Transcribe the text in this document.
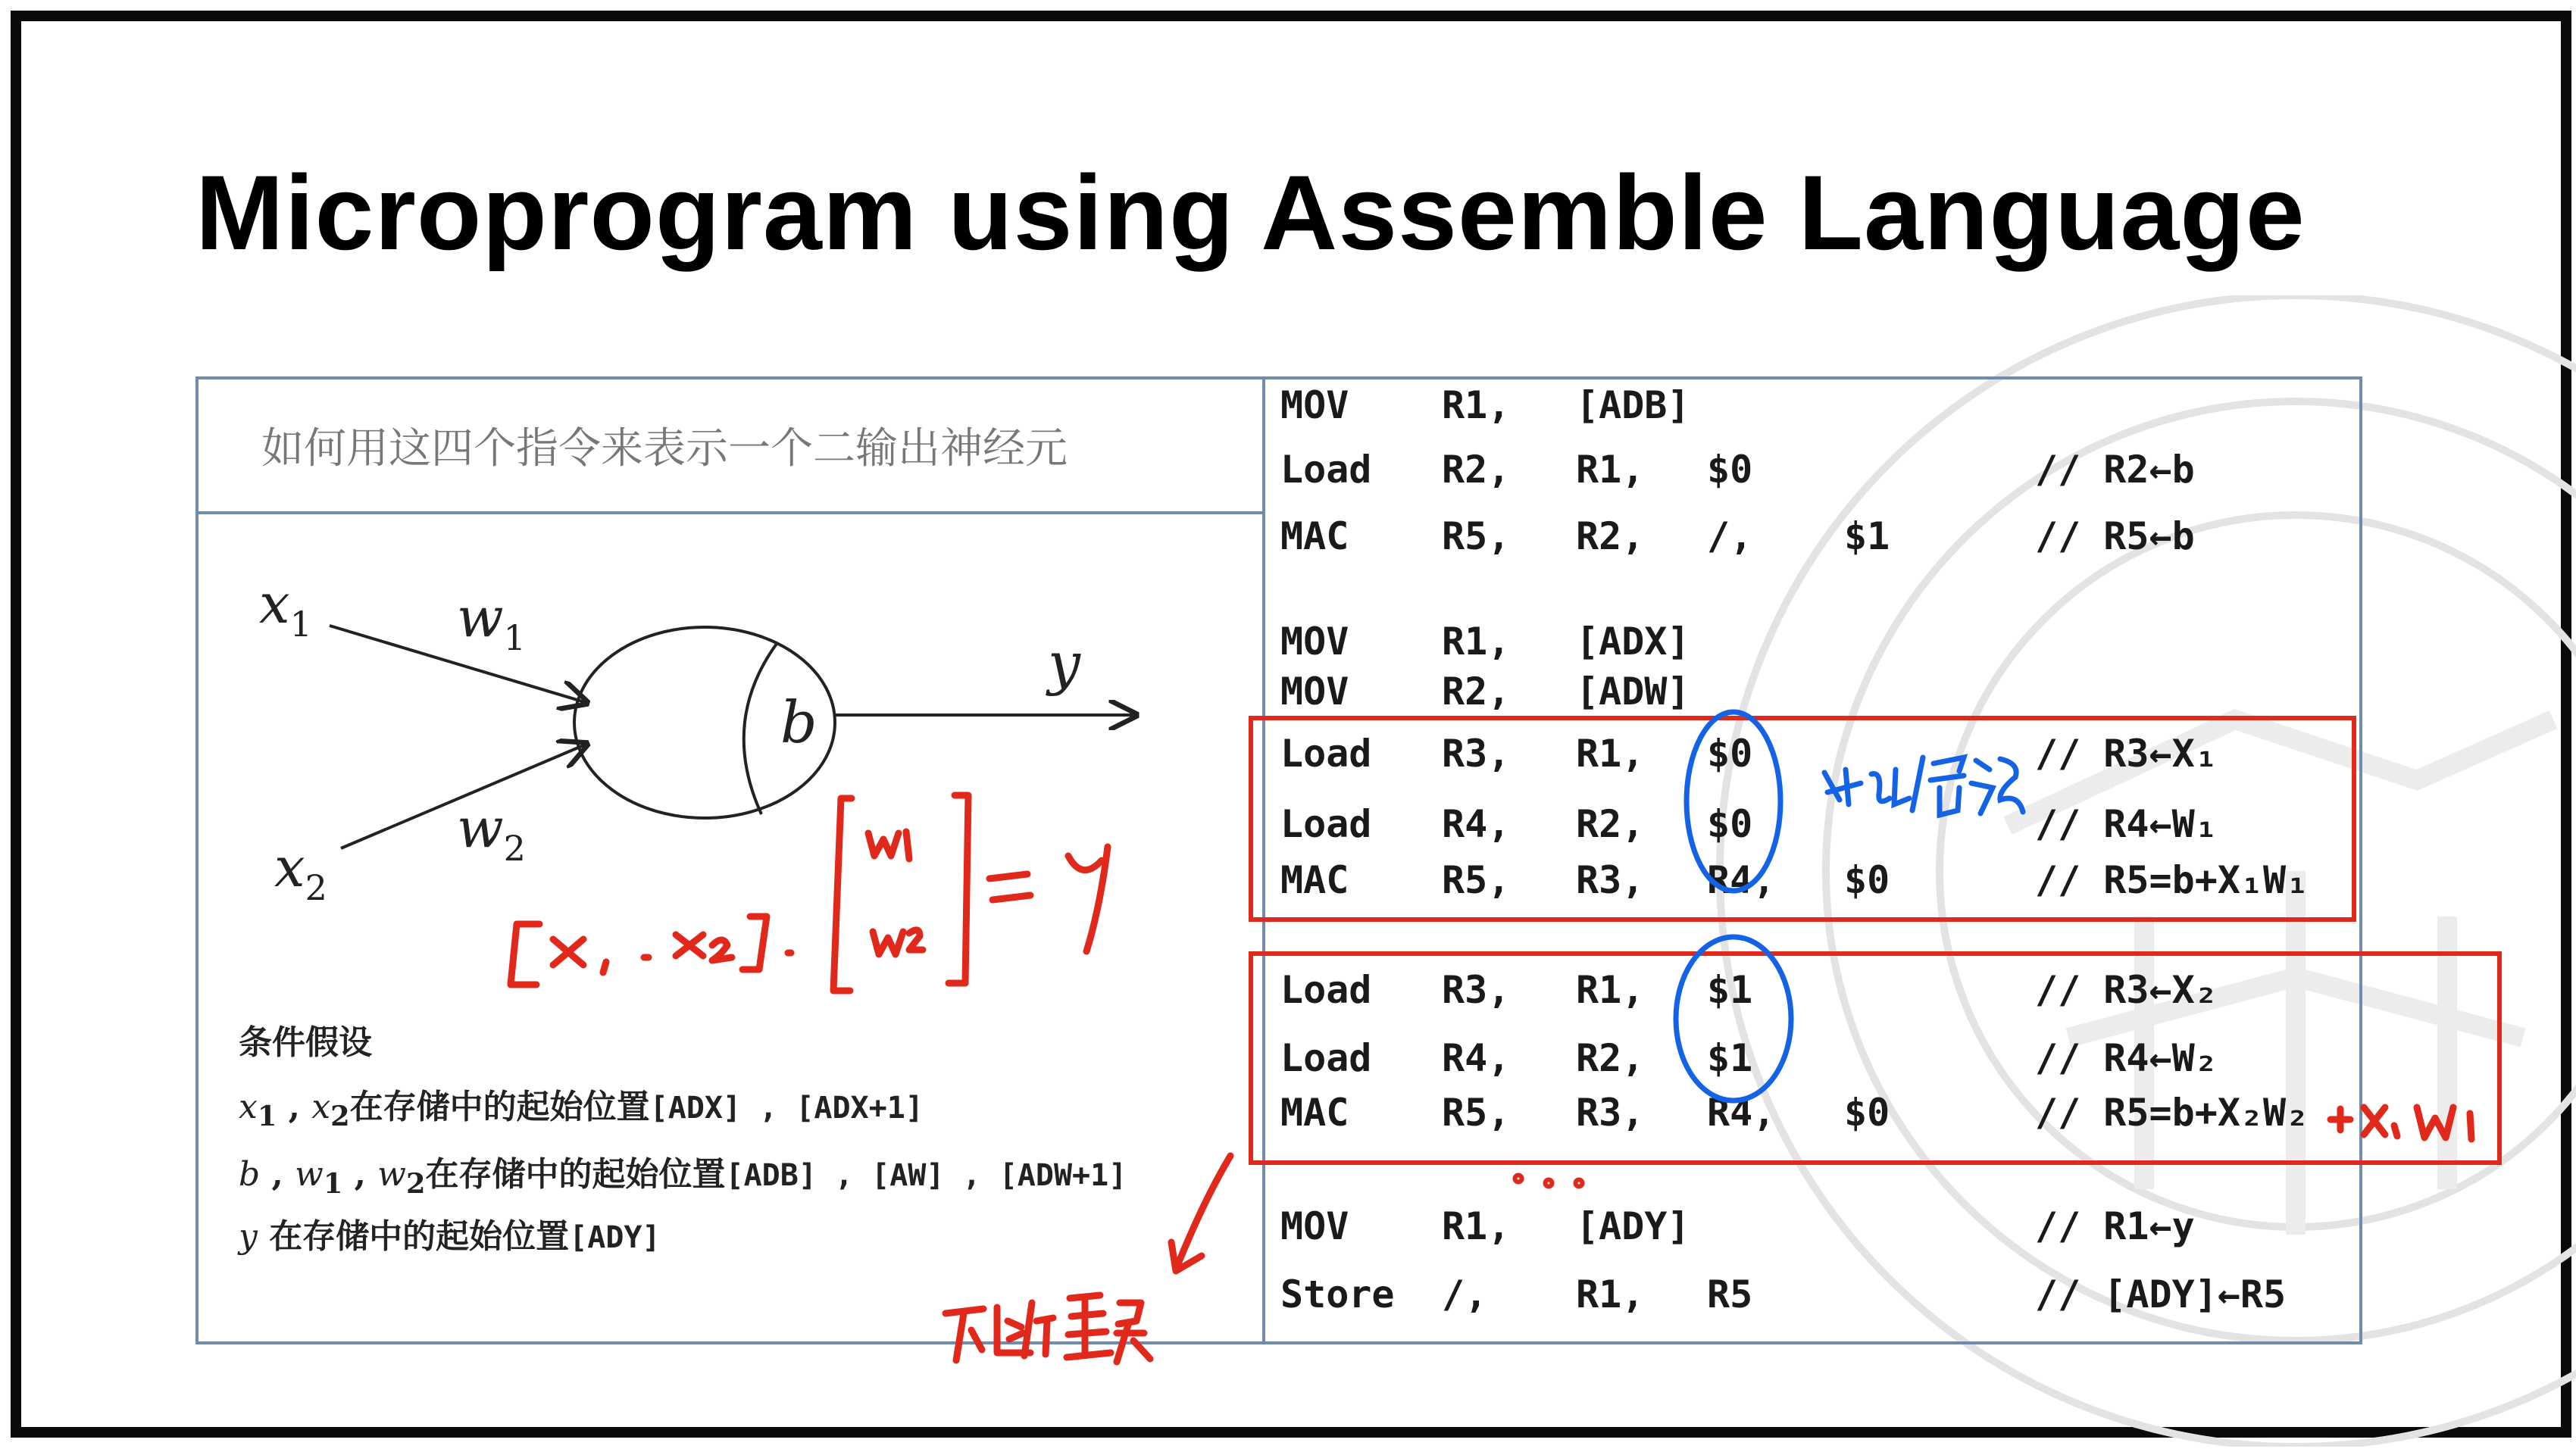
Microprogram using Assemble Language
如何用这四个指令来表示一个二输出神经元
$x_1$	$w_1$
$x_2$
$w_2$
b
y
条件假设
$x_1$ , $x_2$在存储中的起始位置[ADX] , [ADX+1]
b , $w_1$ , $w_2$在存储中的起始位置[ADB] , [AW] , [ADW+1]
y 在存储中的起始位置[ADY]
MOV R1, [ADB]
Load R2, R1, $0	// R2←b
MAC R5, R2, /, $1	// R5←b
MOV R1, [ADX]
MOV R2, [ADW]
Load R3, R1, $0	// R3←X₁
Load R4, R2, $0	// R4←W₁
MAC R5, R3, R4, $0	// R5=b+X₁W₁
Load R3, R1, $1	// R3←X₂
Load R4, R2, $1	// R4←W₂
MAC R5, R3, R4, $0	// R5=b+X₂W₂
MOV R1, [ADY]	// R1←y
Store /, R1, R5	// [ADY]←R5
